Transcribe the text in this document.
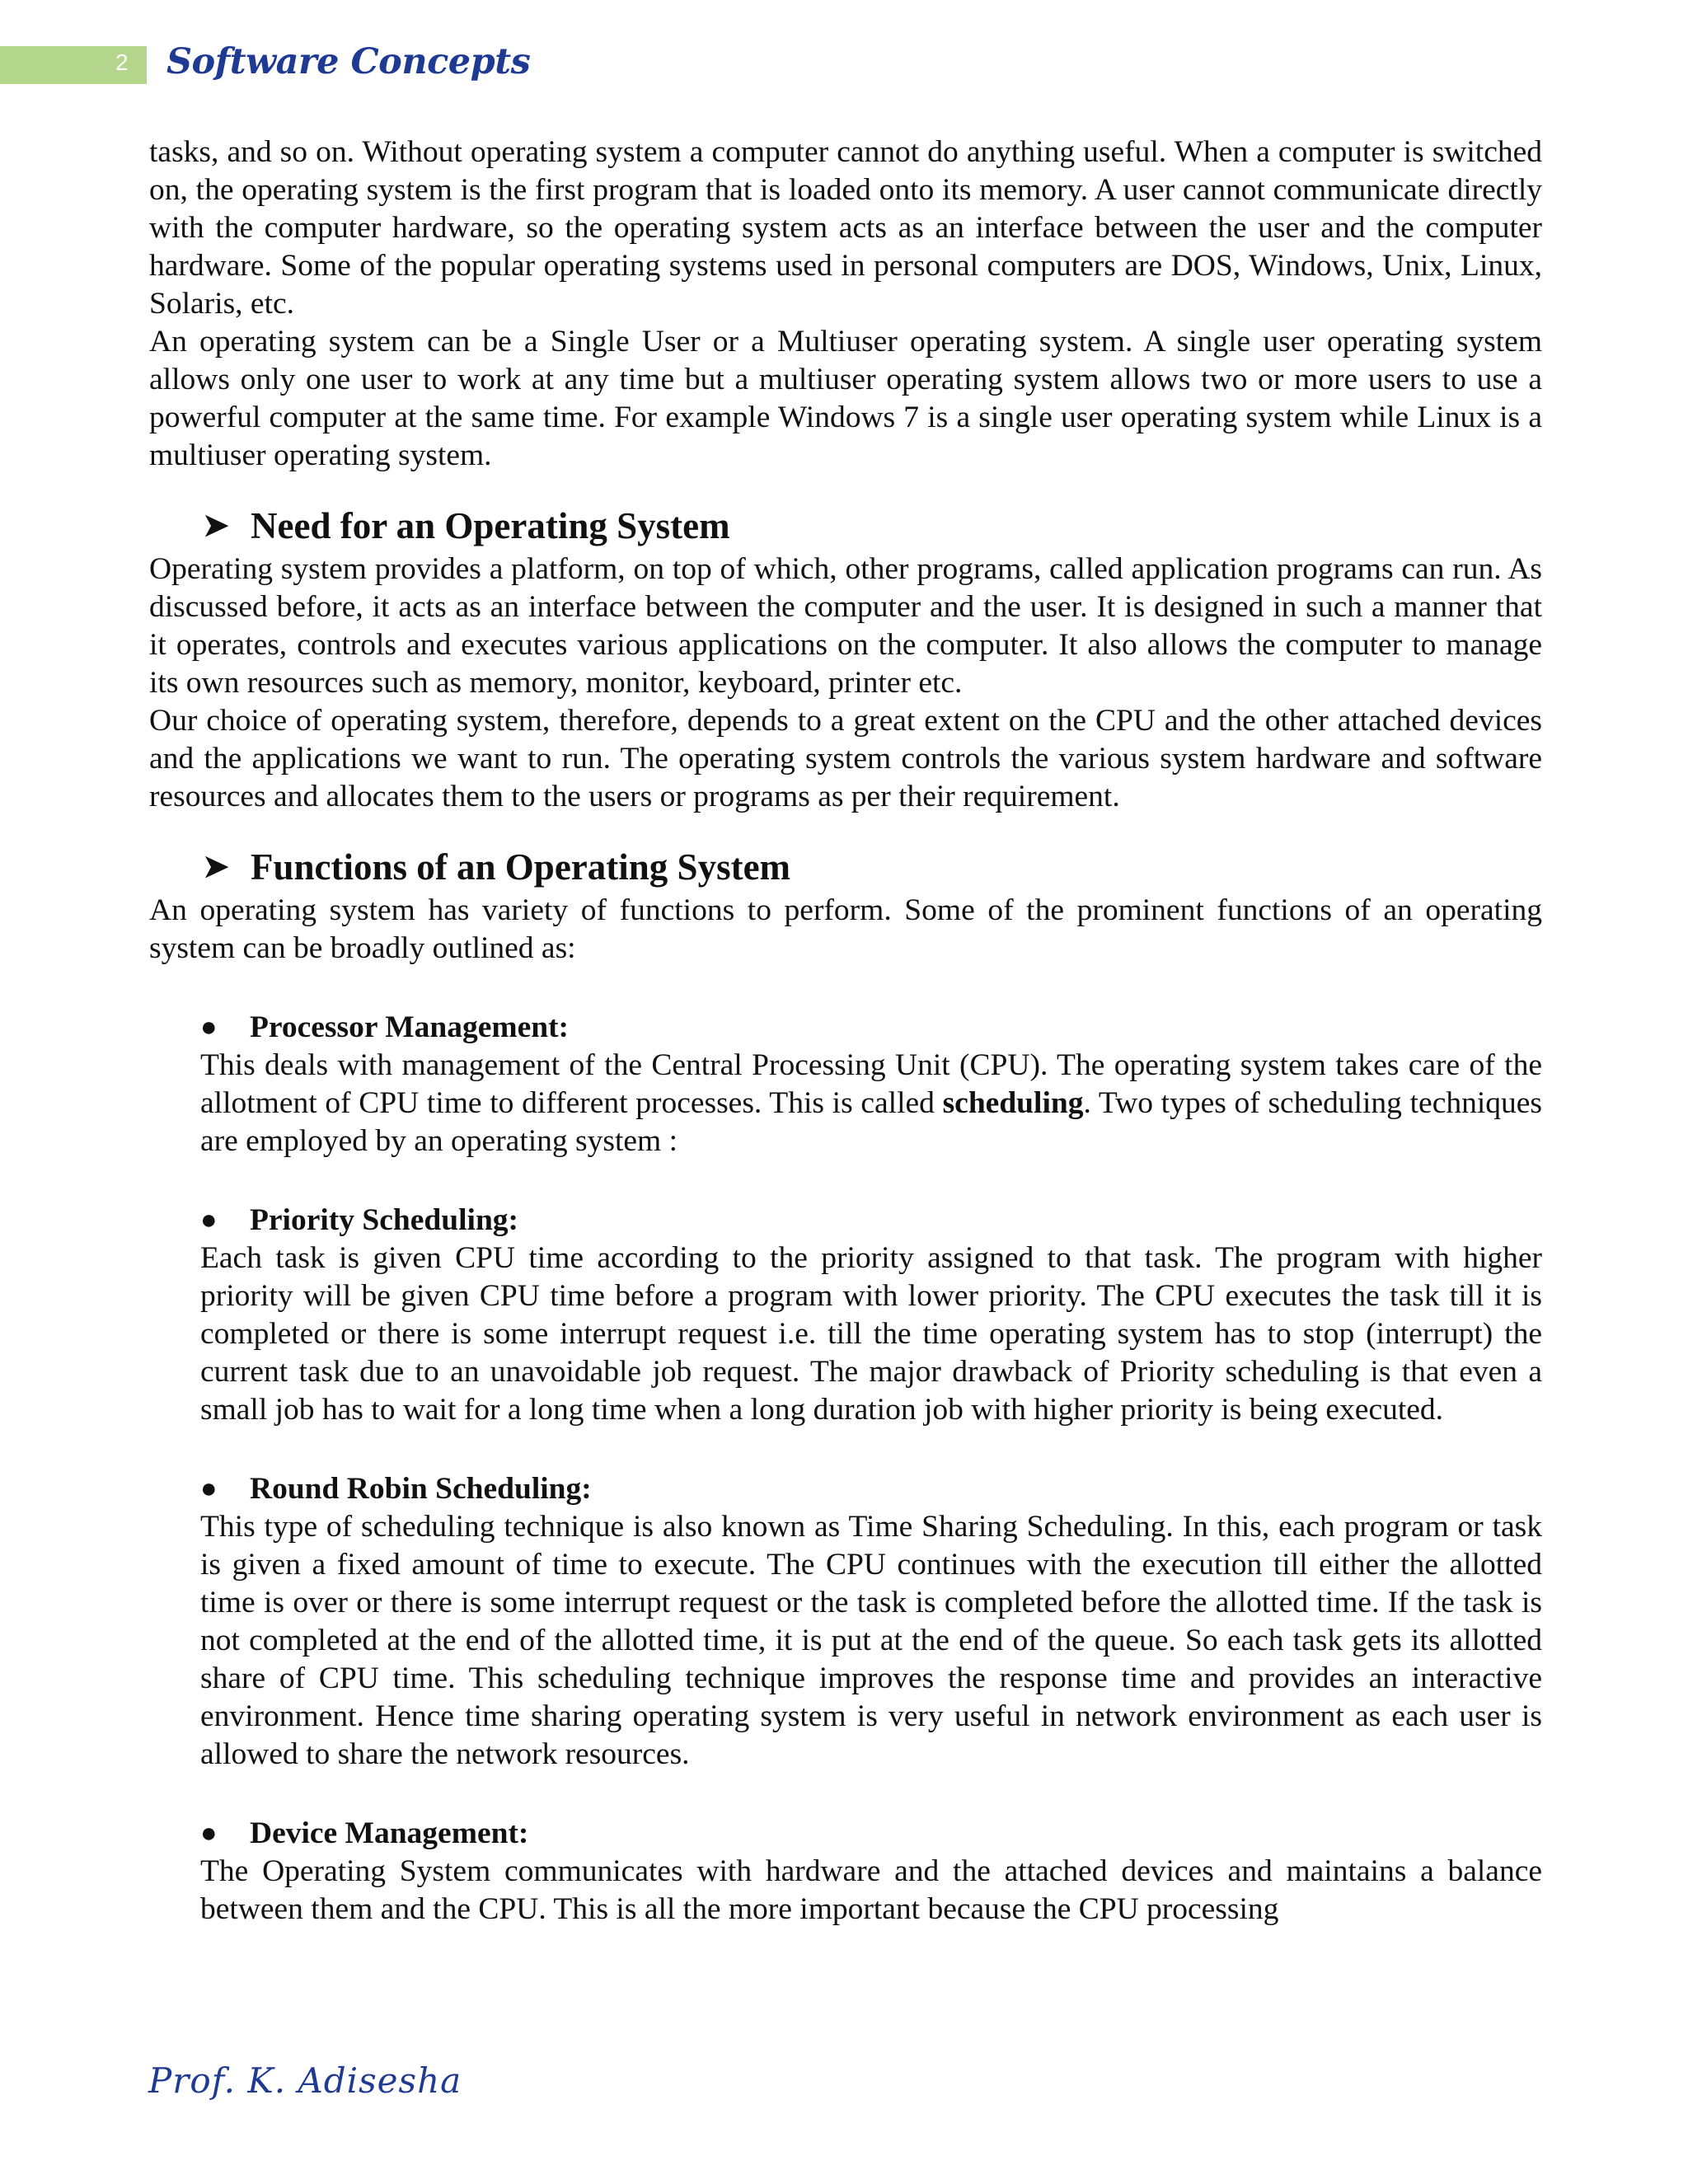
2 Software Concepts

tasks, and so on. Without operating system a computer cannot do anything useful. When a computer is switched on, the operating system is the first program that is loaded onto its memory. A user cannot communicate directly with the computer hardware, so the operating system acts as an interface between the user and the computer hardware. Some of the popular operating systems used in personal computers are DOS, Windows, Unix, Linux, Solaris, etc.

An operating system can be a Single User or a Multiuser operating system. A single user operating system allows only one user to work at any time but a multiuser operating system allows two or more users to use a powerful computer at the same time. For example Windows 7 is a single user operating system while Linux is a multiuser operating system.

➤ Need for an Operating System

Operating system provides a platform, on top of which, other programs, called application programs can run. As discussed before, it acts as an interface between the computer and the user. It is designed in such a manner that it operates, controls and executes various applications on the computer. It also allows the computer to manage its own resources such as memory, monitor, keyboard, printer etc.

Our choice of operating system, therefore, depends to a great extent on the CPU and the other attached devices and the applications we want to run. The operating system controls the various system hardware and software resources and allocates them to the users or programs as per their requirement.

➤ Functions of an Operating System

An operating system has variety of functions to perform. Some of the prominent functions of an operating system can be broadly outlined as:

●	Processor Management:

This deals with management of the Central Processing Unit (CPU). The operating system takes care of the allotment of CPU time to different processes. This is called scheduling. Two types of scheduling techniques are employed by an operating system :

●	Priority Scheduling:

Each task is given CPU time according to the priority assigned to that task. The program with higher priority will be given CPU time before a program with lower priority. The CPU executes the task till it is completed or there is some interrupt request i.e. till the time operating system has to stop (interrupt) the current task due to an unavoidable job request. The major drawback of Priority scheduling is that even a small job has to wait for a long time when a long duration job with higher priority is being executed.

●	Round Robin Scheduling:

This type of scheduling technique is also known as Time Sharing Scheduling. In this, each program or task is given a fixed amount of time to execute. The CPU continues with the execution till either the allotted time is over or there is some interrupt request or the task is completed before the allotted time. If the task is not completed at the end of the allotted time, it is put at the end of the queue. So each task gets its allotted share of CPU time. This scheduling technique improves the response time and provides an interactive environment. Hence time sharing operating system is very useful in network environment as each user is allowed to share the network resources.

●	Device Management:

The Operating System communicates with hardware and the attached devices and maintains a balance between them and the CPU. This is all the more important because the CPU processing

Prof. K. Adisesha
